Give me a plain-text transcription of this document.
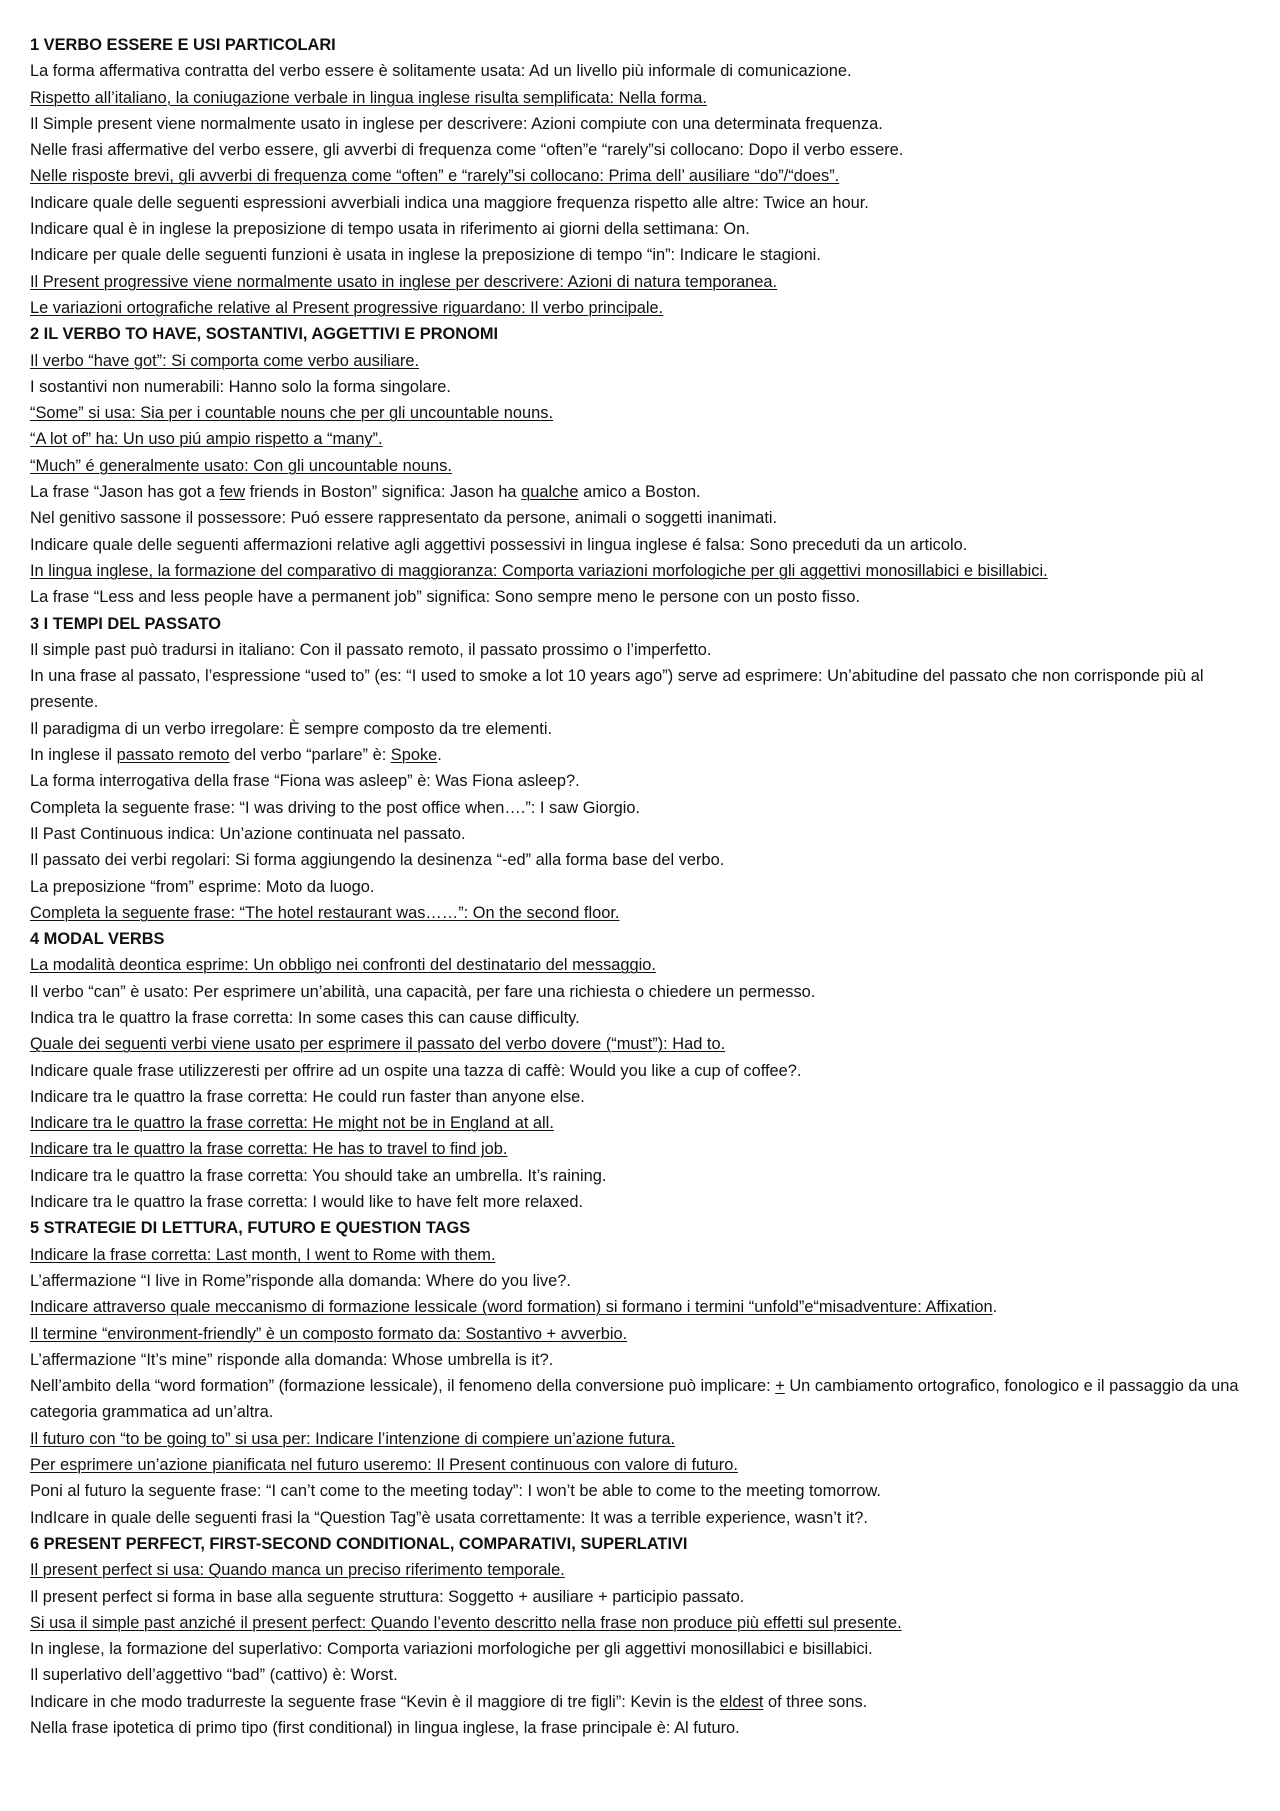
1 VERBO ESSERE E USI PARTICOLARI

La forma affermativa contratta del verbo essere è solitamente usata: Ad un livello più informale di comunicazione.

Rispetto all’italiano, la coniugazione verbale in lingua inglese risulta semplificata: Nella forma.

Il Simple present viene normalmente usato in inglese per descrivere: Azioni compiute con una determinata frequenza.

Nelle frasi affermative del verbo essere, gli avverbi di frequenza come “often”e “rarely”si collocano: Dopo il verbo essere.

Nelle risposte brevi, gli avverbi di frequenza come “often” e “rarely”si collocano: Prima dell’ ausiliare “do”/“does”.

Indicare quale delle seguenti espressioni avverbiali indica una maggiore frequenza rispetto alle altre: Twice an hour.

Indicare qual è in inglese la preposizione di tempo usata in riferimento ai giorni della settimana: On.

Indicare per quale delle seguenti funzioni è usata in inglese la preposizione di tempo “in”: Indicare le stagioni.

Il Present progressive viene normalmente usato in inglese per descrivere: Azioni di natura temporanea.

Le variazioni ortografiche relative al Present progressive riguardano: Il verbo principale.

2 IL VERBO TO HAVE, SOSTANTIVI, AGGETTIVI E PRONOMI

Il verbo “have got”: Si comporta come verbo ausiliare.

I sostantivi non numerabili: Hanno solo la forma singolare.

“Some” si usa: Sia per i countable nouns che per gli uncountable nouns.

“A lot of” ha: Un uso piú ampio rispetto a “many”.

“Much” é generalmente usato: Con gli uncountable nouns.

La frase “Jason has got a few friends in Boston” significa: Jason ha qualche amico a Boston.

Nel genitivo sassone il possessore: Puó essere rappresentato da persone, animali o soggetti inanimati.

Indicare quale delle seguenti affermazioni relative agli aggettivi possessivi in lingua inglese é falsa: Sono preceduti da un articolo.

In lingua inglese, la formazione del comparativo di maggioranza: Comporta variazioni morfologiche per gli aggettivi monosillabici e bisillabici.

La frase “Less and less people have a permanent job” significa: Sono sempre meno le persone con un posto fisso.

3 I TEMPI DEL PASSATO

Il simple past può tradursi in italiano: Con il passato remoto, il passato prossimo o l’imperfetto.

In una frase al passato, l’espressione “used to” (es: “I used to smoke a lot 10 years ago”) serve ad esprimere: Un’abitudine del passato che non corrisponde più al presente.

Il paradigma di un verbo irregolare: È sempre composto da tre elementi.

In inglese il passato remoto del verbo “parlare” è: Spoke.

La forma interrogativa della frase “Fiona was asleep” è: Was Fiona asleep?.

Completa la seguente frase: “I was driving to the post office when….”: I saw Giorgio.

Il Past Continuous indica: Un’azione continuata nel passato.

Il passato dei verbi regolari: Si forma aggiungendo la desinenza “-ed” alla forma base del verbo.

La preposizione “from” esprime: Moto da luogo.

Completa la seguente frase: “The hotel restaurant was……”: On the second floor.

4 MODAL VERBS

La modalità deontica esprime: Un obbligo nei confronti del destinatario del messaggio.

Il verbo “can” è usato: Per esprimere un’abilità, una capacità, per fare una richiesta o chiedere un permesso.

Indica tra le quattro la frase corretta: In some cases this can cause difficulty.

Quale dei seguenti verbi viene usato per esprimere il passato del verbo dovere (“must”): Had to.

Indicare quale frase utilizzeresti per offrire ad un ospite una tazza di caffè: Would you like a cup of coffee?.

Indicare tra le quattro la frase corretta: He could run faster than anyone else.

Indicare tra le quattro la frase corretta: He might not be in England at all.

Indicare tra le quattro la frase corretta: He has to travel to find job.

Indicare tra le quattro la frase corretta: You should take an umbrella. It’s raining.

Indicare tra le quattro la frase corretta: I would like to have felt more relaxed.

5 STRATEGIE DI LETTURA, FUTURO E QUESTION TAGS

Indicare la frase corretta: Last month, I went to Rome with them.

L’affermazione “I live in Rome”risponde alla domanda: Where do you live?.

Indicare attraverso quale meccanismo di formazione lessicale (word formation) si formano i termini “unfold”e“misadventure: Affixation.

Il termine “environment-friendly” è un composto formato da: Sostantivo + avverbio.

L’affermazione “It’s mine” risponde alla domanda: Whose umbrella is it?.

Nell’ambito della “word formation” (formazione lessicale), il fenomeno della conversione può implicare: + Un cambiamento ortografico, fonologico e il passaggio da una categoria grammatica ad un’altra.

Il futuro con “to be going to” si usa per: Indicare l’intenzione di compiere un’azione futura.

Per esprimere un’azione pianificata nel futuro useremo: Il Present continuous con valore di futuro.

Poni al futuro la seguente frase: “I can’t come to the meeting today”: I won’t be able to come to the meeting tomorrow.

IndIcare in quale delle seguenti frasi la “Question Tag”è usata correttamente: It was a terrible experience, wasn’t it?.

6 PRESENT PERFECT, FIRST-SECOND CONDITIONAL, COMPARATIVI, SUPERLATIVI

Il present perfect si usa: Quando manca un preciso riferimento temporale.

Il present perfect si forma in base alla seguente struttura: Soggetto + ausiliare + participio passato.

Si usa il simple past anziché il present perfect: Quando l’evento descritto nella frase non produce più effetti sul presente.

In inglese, la formazione del superlativo: Comporta variazioni morfologiche per gli aggettivi monosillabici e bisillabici.

Il superlativo dell’aggettivo “bad” (cattivo) è: Worst.

Indicare in che modo tradurreste la seguente frase “Kevin è il maggiore di tre figli”: Kevin is the eldest of three sons.

Nella frase ipotetica di primo tipo (first conditional) in lingua inglese, la frase principale è: Al futuro.
